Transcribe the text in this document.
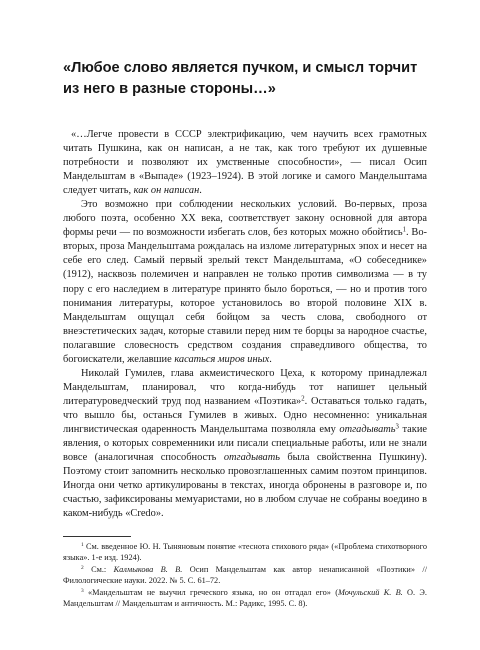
«Любое слово является пучком, и смысл торчит из него в разные стороны…»

«…Легче провести в СССР электрификацию, чем научить всех грамотных читать Пушкина, как он написан, а не так, как того требуют их душевные потребности и позволяют их умственные способности», — писал Осип Мандельштам в «Выпаде» (1923–1924). В этой логике и самого Мандельштама следует читать, как он написан.

Это возможно при соблюдении нескольких условий. Во-первых, проза любого поэта, особенно XX века, соответствует закону основной для автора формы речи — по возможности избегать слов, без которых можно обойтись$^1$. Во-вторых, проза Мандельштама рождалась на изломе литературных эпох и несет на себе его след. Самый первый зрелый текст Мандельштама, «О собеседнике» (1912), насквозь полемичен и направлен не только против символизма — в ту пору с его наследием в литературе принято было бороться, — но и против того понимания литературы, которое установилось во второй половине XIX в. Мандельштам ощущал себя бойцом за честь слова, свободного от внеэстетических задач, которые ставили перед ним те борцы за народное счастье, полагавшие словесность средством создания справедливого общества, то богоискатели, желавшие касаться миров иных.

Николай Гумилев, глава акмеистического Цеха, к которому принадлежал Мандельштам, планировал, что когда-нибудь тот напишет цельный литературоведческий труд под названием «Поэтика»$^2$. Оставаться только гадать, что вышло бы, останься Гумилев в живых. Одно несомненно: уникальная лингвистическая одаренность Мандельштама позволяла ему отгадывать$^3$ такие явления, о которых современники или писали специальные работы, или не знали вовсе (аналогичная способность отгадывать была свойственна Пушкину). Поэтому стоит запомнить несколько провозглашенных самим поэтом принципов. Иногда они четко артикулированы в текстах, иногда обронены в разговоре и, по счастью, зафиксированы мемуаристами, но в любом случае не собраны воедино в каком-нибудь «Credo».

$^1$ См. введенное Ю. Н. Тыняновым понятие «теснота стихового ряда» («Проблема стихотворного языка». 1-е изд. 1924).

$^2$ См.: Калмыкова В. В. Осип Мандельштам как автор ненаписанной «Поэтики» // Филологические науки. 2022. № 5. С. 61–72.

$^3$ «Мандельштам не выучил греческого языка, но он отгадал его» (Мочульский К. В. О. Э. Мандельштам // Мандельштам и античность. М.: Радикс, 1995. С. 8).
